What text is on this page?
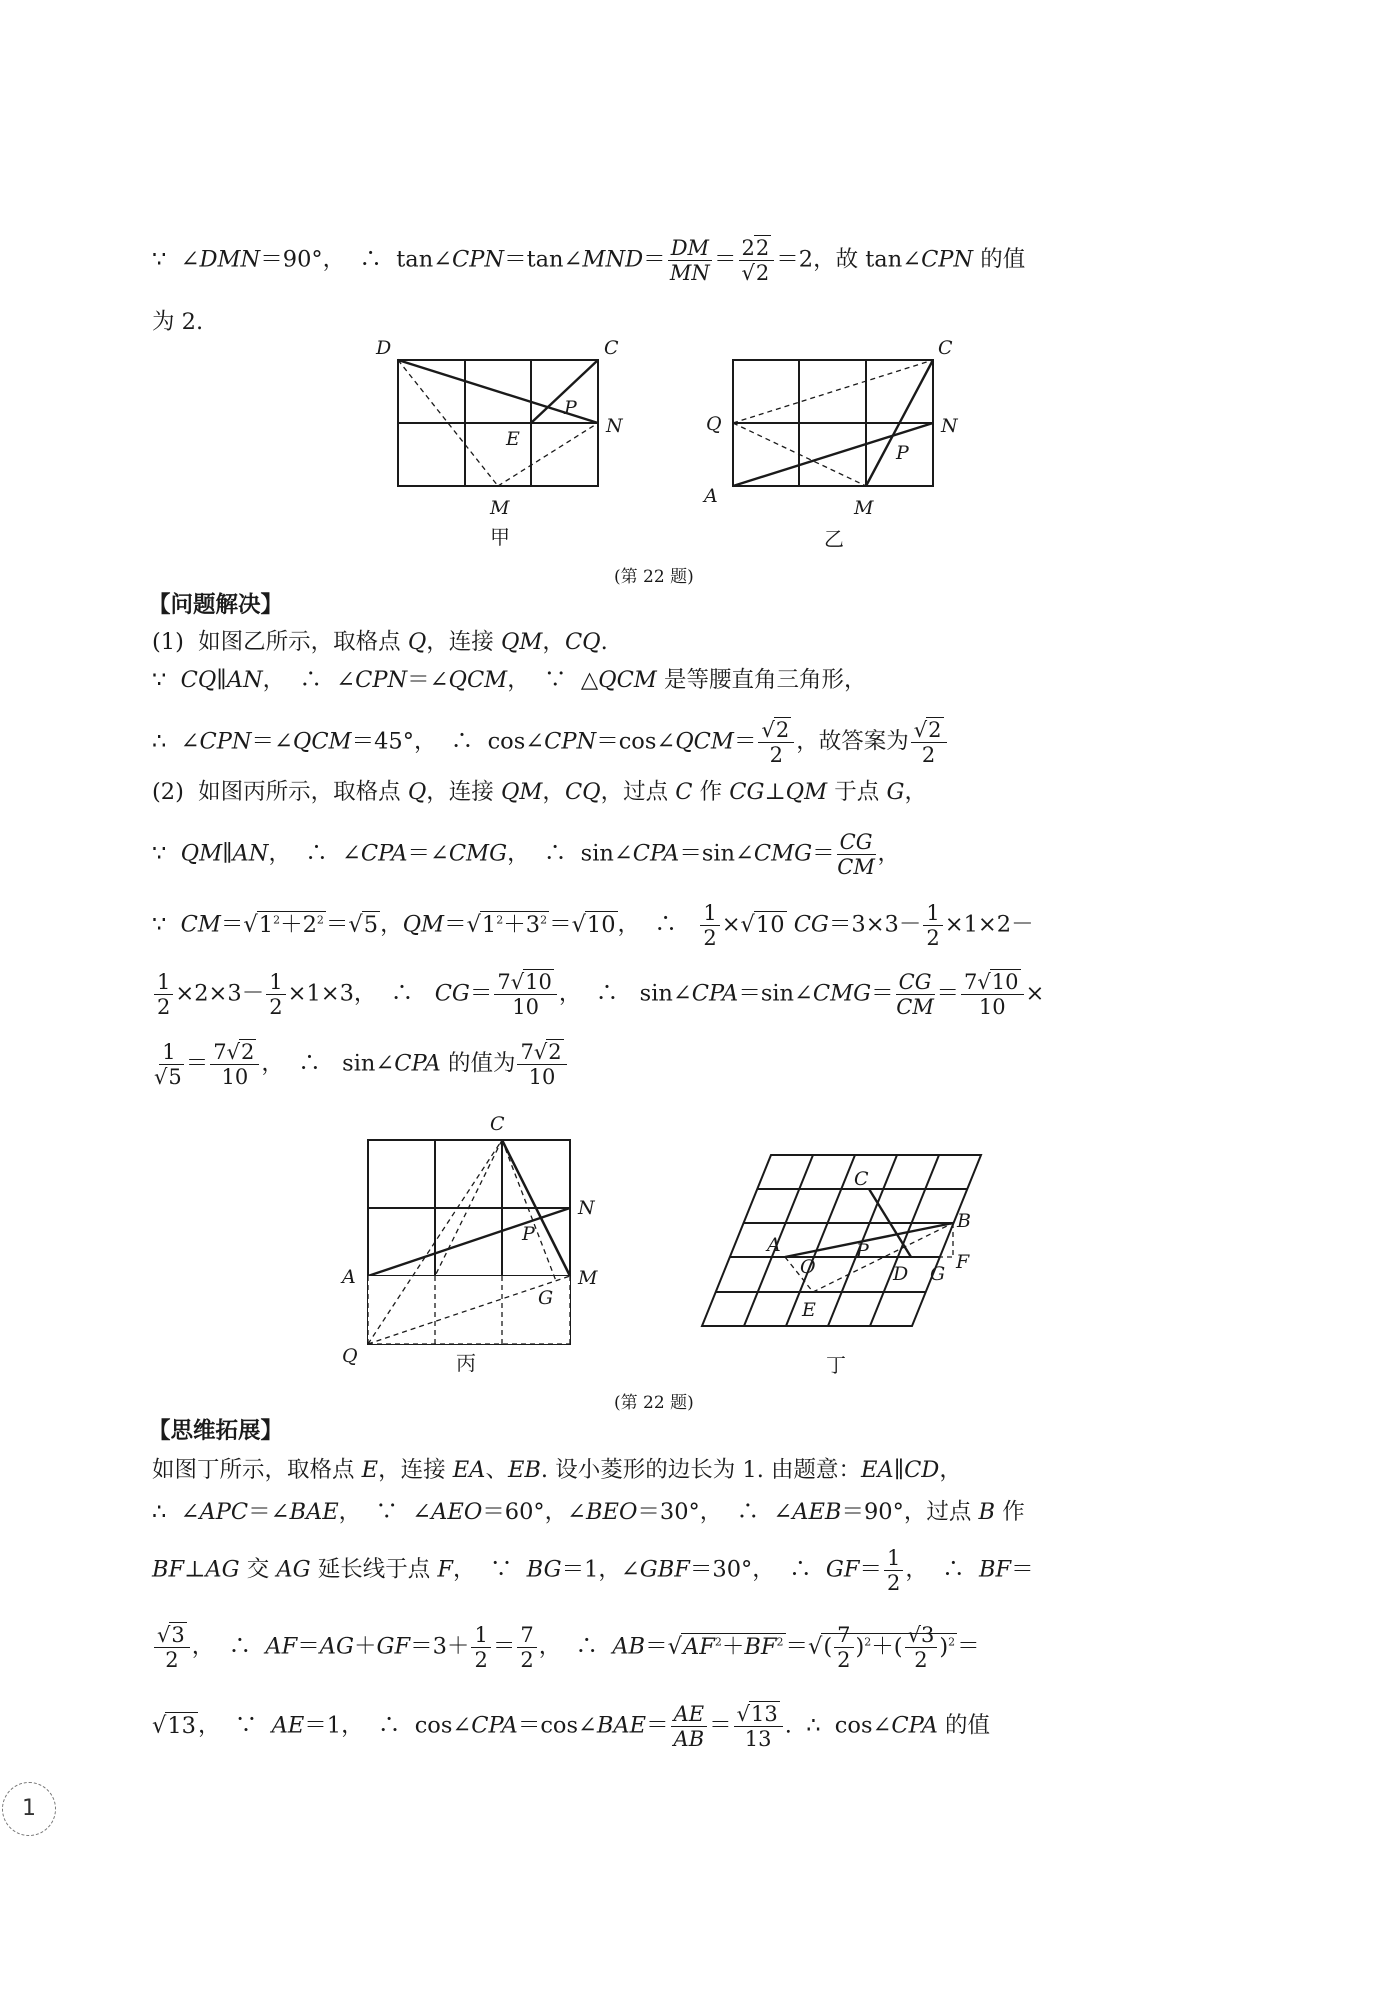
∵  ∠DMN＝90°，  ∴  tan∠CPN＝tan∠MND＝ $\frac{DM}{MN} = \frac{22}{√2} =2$，故 tan∠CPN 的值
为 2.
D	C
P
E
N
M
甲
C
Q	N
P
A
M
乙
(第 22 题)
【问题解决】
(1)  如图乙所示，取格点 Q，连接 QM，CQ.
∵  CQ∥AN，  ∴  ∠CPN＝∠QCM，  ∵  △QCM 是等腰直角三角形，
∴  ∠CPN＝∠QCM＝45°，  ∴  cos∠CPN＝cos∠QCM＝ $\frac{√2}{2}$ ，故答案为 $\frac{√2}{2}$
(2)  如图丙所示，取格点 Q，连接 QM，CQ，过点 C 作 CG⊥QM 于点 G，
∵  QM∥AN，  ∴  ∠CPA＝∠CMG，  ∴  sin∠CPA＝sin∠CMG＝ $\frac{CG}{CM}$ ，
∵  $CM=√1^2+2^2=√5$，$QM=√1^2+3^2=√10$，  ∴ $\frac{1}{2} \times√10$ $CG=3\times 3- \frac{1}{2} \times 1\times 2-$
$\frac{1}{2} \times 2\times 3- \frac{1}{2} \times 1\times 3$，  ∴   $CG= \frac{7√10}{10}$ ，  ∴   sin∠CPA＝sin∠CMG＝ $\frac{CG}{CM} = \frac{7√10}{10}$ ×
$\frac{1}{√5} = \frac{7√2}{10}$ ，  ∴   sin∠CPA 的值为 $\frac{7√2}{10}$
C
N
P
A	M
G
Q	丙
C
B
A
O
P
D G
F
E
丁
(第 22 题)
【思维拓展】
如图丁所示，取格点 E，连接 EA、EB. 设小菱形的边长为 1. 由题意：EA∥CD，
∴  ∠APC＝∠BAE，  ∵  ∠AEO＝60°，∠BEO＝30°，  ∴  ∠AEB＝90°，过点 B 作
BF⊥AG 交 AG 延长线于点 F，  ∵  BG＝1，∠GBF＝30°，  ∴  $GF= \frac{1}{2}$ ，  ∴  BF＝
$\frac{√3}{2}$ ，  ∴  $AF=AG+GF=3+ \frac{1}{2} = \frac{7}{2}$ ，  ∴  $AB=√AF^2+BF^2=√( \frac{7}{2} )^2+( \frac{√3}{2} )^2=$
√13，  ∵  AE＝1，  ∴  cos∠CPA＝cos∠BAE＝ $\frac{AE}{AB} = \frac{√13}{13}$ .  ∴  cos∠CPA 的值
1
